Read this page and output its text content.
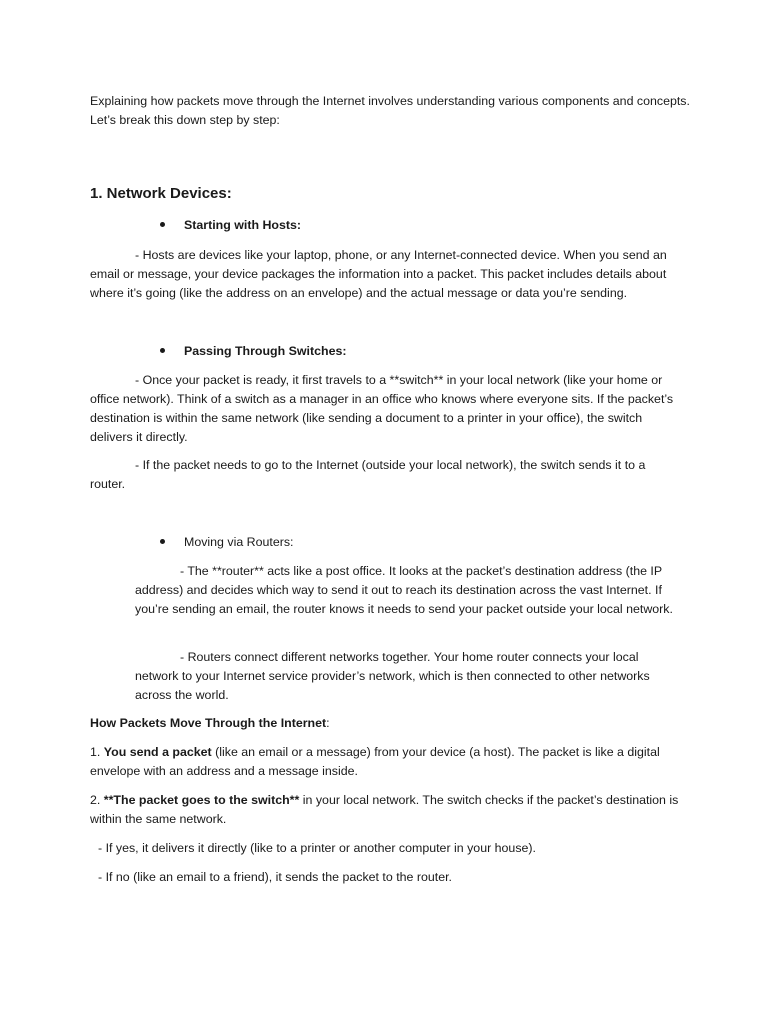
Explaining how packets move through the Internet involves understanding various components and concepts. Let’s break this down step by step:

1. Network Devices:
Starting with Hosts:

- Hosts are devices like your laptop, phone, or any Internet-connected device. When you send an email or message, your device packages the information into a packet. This packet includes details about where it’s going (like the address on an envelope) and the actual message or data you’re sending.

Passing Through Switches:

- Once your packet is ready, it first travels to a **switch** in your local network (like your home or office network). Think of a switch as a manager in an office who knows where everyone sits. If the packet’s destination is within the same network (like sending a document to a printer in your office), the switch delivers it directly.

- If the packet needs to go to the Internet (outside your local network), the switch sends it to a router.

Moving via Routers:

- The **router** acts like a post office. It looks at the packet’s destination address (the IP address) and decides which way to send it out to reach its destination across the vast Internet. If you’re sending an email, the router knows it needs to send your packet outside your local network.

- Routers connect different networks together. Your home router connects your local network to your Internet service provider’s network, which is then connected to other networks across the world.

How Packets Move Through the Internet:

1. You send a packet (like an email or a message) from your device (a host). The packet is like a digital envelope with an address and a message inside.

2. **The packet goes to the switch** in your local network. The switch checks if the packet’s destination is within the same network.

- If yes, it delivers it directly (like to a printer or another computer in your house).

- If no (like an email to a friend), it sends the packet to the router.
